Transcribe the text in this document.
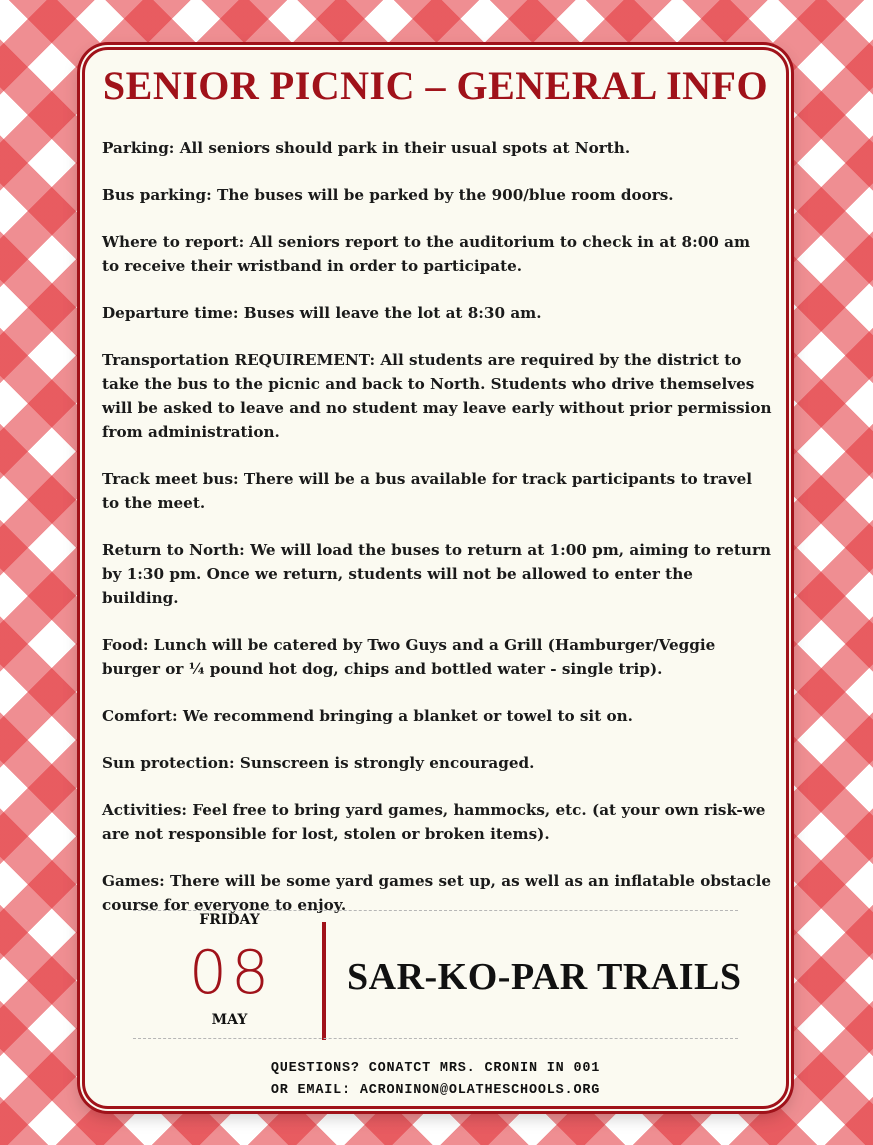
SENIOR PICNIC – GENERAL INFO

Parking: All seniors should park in their usual spots at North.

Bus parking: The buses will be parked by the 900/blue room doors.

Where to report: All seniors report to the auditorium to check in at 8:00 am to receive their wristband in order to participate.

Departure time: Buses will leave the lot at 8:30 am.

Transportation REQUIREMENT: All students are required by the district to take the bus to the picnic and back to North. Students who drive themselves will be asked to leave and no student may leave early without prior permission from administration.

Track meet bus: There will be a bus available for track participants to travel to the meet.

Return to North: We will load the buses to return at 1:00 pm, aiming to return by 1:30 pm. Once we return, students will not be allowed to enter the building.

Food: Lunch will be catered by Two Guys and a Grill (Hamburger/Veggie burger or ¼ pound hot dog, chips and bottled water - single trip).

Comfort: We recommend bringing a blanket or towel to sit on.

Sun protection: Sunscreen is strongly encouraged.

Activities: Feel free to bring yard games, hammocks, etc. (at your own risk-we are not responsible for lost, stolen or broken items).

Games: There will be some yard games set up, as well as an inflatable obstacle course for everyone to enjoy.

FRIDAY
08
MAY
SAR-KO-PAR TRAILS
QUESTIONS? CONATCT MRS. CRONIN IN 001
OR EMAIL: ACRONINON@OLATHESCHOOLS.ORG
